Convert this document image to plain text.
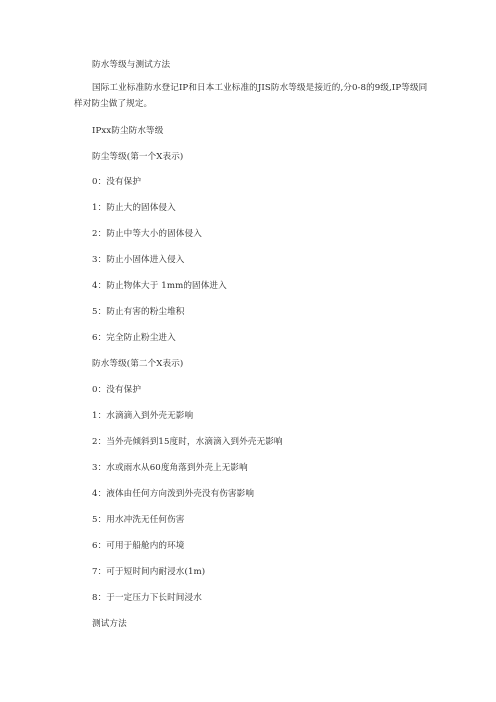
防水等级与测试方法
国际工业标准防水登记IP和日本工业标准的JIS防水等级是接近的,分0-8的9级,IP等级同样对防尘做了规定。
IPxx防尘防水等级
防尘等级(第一个X表示)
0：没有保护
1：防止大的固体侵入
2：防止中等大小的固体侵入
3：防止小固体进入侵入
4：防止物体大于 1mm的固体进入
5：防止有害的粉尘堆积
6：完全防止粉尘进入
防水等级(第二个X表示)
0：没有保护
1：水滴滴入到外壳无影响
2：当外壳倾斜到15度时，水滴滴入到外壳无影响
3：水或雨水从60度角落到外壳上无影响
4：液体由任何方向泼到外壳没有伤害影响
5：用水冲洗无任何伤害
6：可用于船舱内的环境
7：可于短时间内耐浸水(1m)
8：于一定压力下长时间浸水
测试方法
